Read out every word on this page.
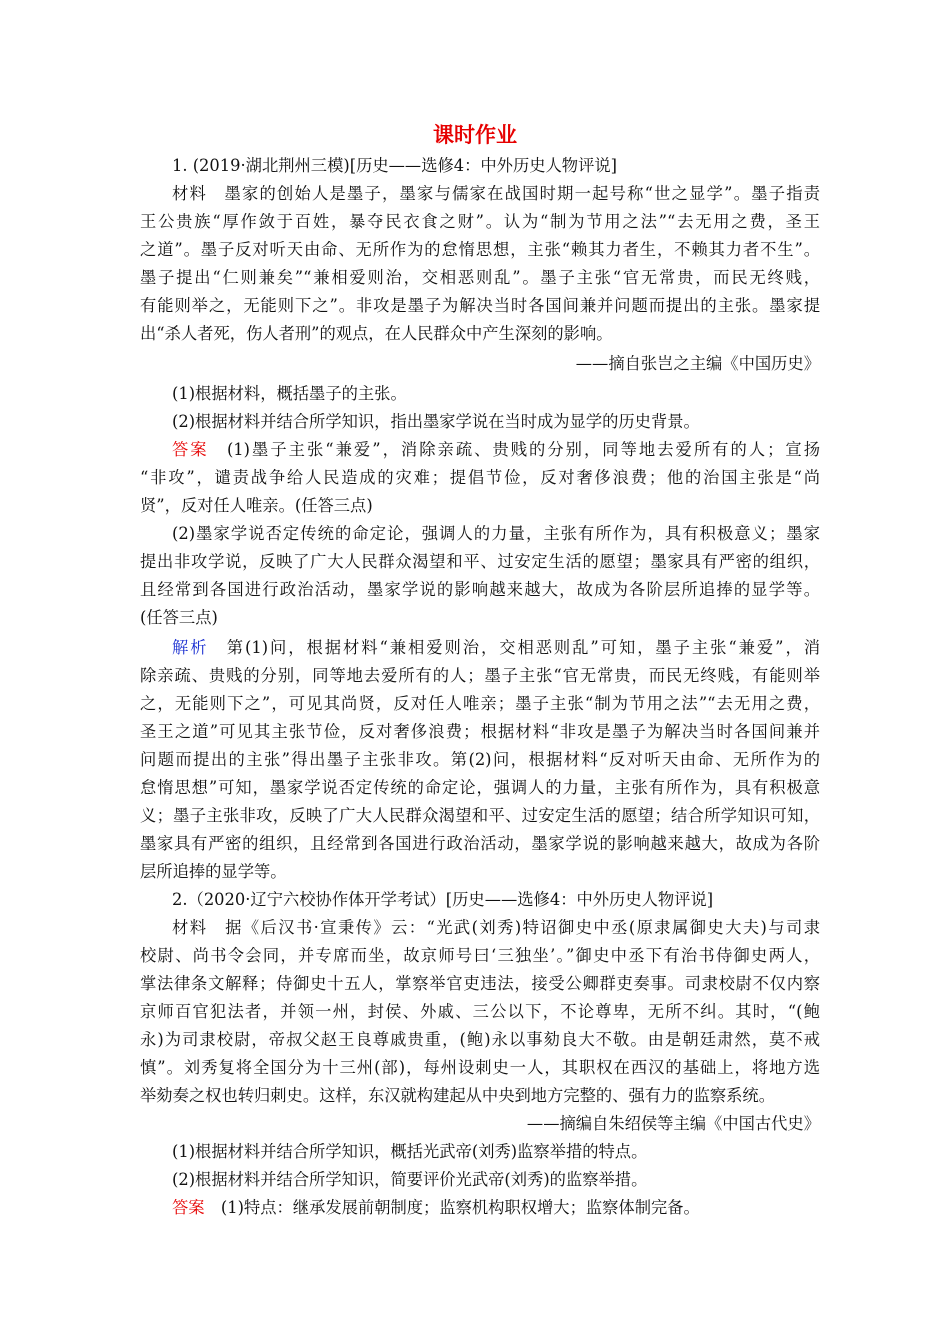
课时作业
1. (2019·湖北荆州三模)[历史——选修4：中外历史人物评说]
材料　 墨家的创始人是墨子，墨家与儒家在战国时期一起号称“世之显学”。墨子指责
王公贵族“厚作敛于百姓，暴夺民衣食之财”。认为“制为节用之法”“去无用之费，圣王
之道”。墨子反对听天由命、无所作为的怠惰思想，主张“赖其力者生，不赖其力者不生”。
墨子提出“仁则兼矣”“兼相爱则治，交相恶则乱”。墨子主张“官无常贵，而民无终贱，
有能则举之，无能则下之”。非攻是墨子为解决当时各国间兼并问题而提出的主张。墨家提
出“杀人者死，伤人者刑”的观点，在人民群众中产生深刻的影响。
——摘自张岂之主编《中国历史》
(1)根据材料，概括墨子的主张。
(2)根据材料并结合所学知识，指出墨家学说在当时成为显学的历史背景。
答案　 (1)墨子主张“兼爱”，消除亲疏、贵贱的分别，同等地去爱所有的人；宣扬
“非攻”，谴责战争给人民造成的灾难；提倡节俭，反对奢侈浪费；他的治国主张是“尚
贤”，反对任人唯亲。(任答三点)
(2)墨家学说否定传统的命定论，强调人的力量，主张有所作为，具有积极意义；墨家
提出非攻学说，反映了广大人民群众渴望和平、过安定生活的愿望；墨家具有严密的组织，
且经常到各国进行政治活动，墨家学说的影响越来越大，故成为各阶层所追捧的显学等。
(任答三点)
解析　 第(1)问，根据材料“兼相爱则治，交相恶则乱”可知，墨子主张“兼爱”，消
除亲疏、贵贱的分别，同等地去爱所有的人；墨子主张“官无常贵，而民无终贱，有能则举
之，无能则下之”，可见其尚贤，反对任人唯亲；墨子主张“制为节用之法”“去无用之费，
圣王之道”可见其主张节俭，反对奢侈浪费；根据材料“非攻是墨子为解决当时各国间兼并
问题而提出的主张”得出墨子主张非攻。第(2)问，根据材料“反对听天由命、无所作为的
怠惰思想”可知，墨家学说否定传统的命定论，强调人的力量，主张有所作为，具有积极意
义；墨子主张非攻，反映了广大人民群众渴望和平、过安定生活的愿望；结合所学知识可知，
墨家具有严密的组织，且经常到各国进行政治活动，墨家学说的影响越来越大，故成为各阶
层所追捧的显学等。
2.（2020·辽宁六校协作体开学考试）[历史——选修4：中外历史人物评说]
材料　 据《后汉书·宣秉传》云：“光武(刘秀)特诏御史中丞(原隶属御史大夫)与司隶
校尉、尚书令会同，并专席而坐，故京师号曰‘三独坐’。”御史中丞下有治书侍御史两人，
掌法律条文解释；侍御史十五人，掌察举官吏违法，接受公卿群吏奏事。司隶校尉不仅内察
京师百官犯法者，并领一州，封侯、外戚、三公以下，不论尊卑，无所不纠。其时，“(鲍
永)为司隶校尉，帝叔父赵王良尊戚贵重，(鲍)永以事劾良大不敬。由是朝廷肃然，莫不戒
慎”。刘秀复将全国分为十三州(部)，每州设刺史一人，其职权在西汉的基础上，将地方选
举劾奏之权也转归刺史。这样，东汉就构建起从中央到地方完整的、强有力的监察系统。
——摘编自朱绍侯等主编《中国古代史》
(1)根据材料并结合所学知识，概括光武帝(刘秀)监察举措的特点。
(2)根据材料并结合所学知识，简要评价光武帝(刘秀)的监察举措。
答案　 (1)特点：继承发展前朝制度；监察机构职权增大；监察体制完备。
